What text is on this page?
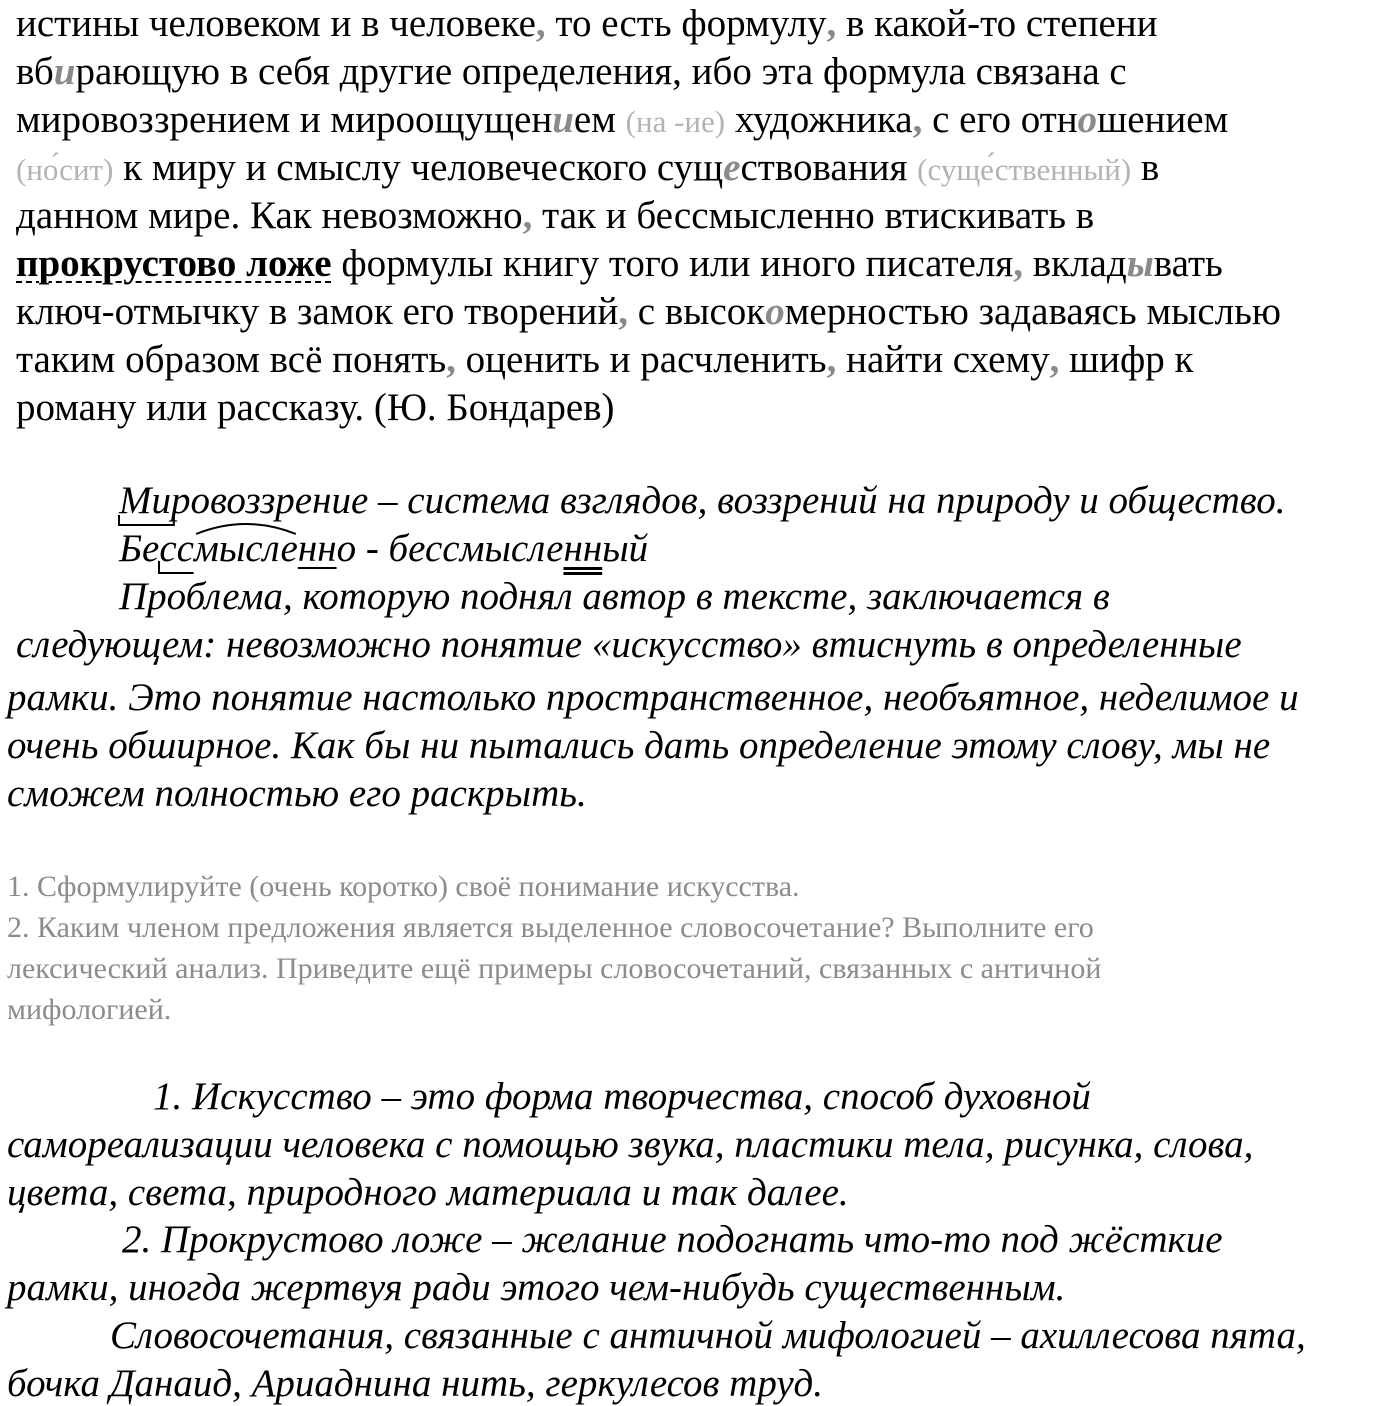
истины человеком и в человеке, то есть формулу, в какой-то степени
вбирающую в себя другие определения, ибо эта формула связана с
мировоззрением и мироощущением (на -ие) художника, с его отношением
(но́сит) к миру и смыслу человеческого существования (суще́ственный) в
данном мире. Как невозможно, так и бессмысленно втискивать в
прокрустово ложе формулы книгу того или иного писателя, вкладывать
ключ-отмычку в замок его творений, с высокомерностью задаваясь мыслью
таким образом всё понять, оценить и расчленить, найти схему, шифр к
роману или рассказу. (Ю. Бондарев)
Мировоззрение
– система взглядов, воззрений на природу и общество.
Бесс
мысле
нно - бессмысленный
Проблема, которую поднял автор в тексте, заключается в
следующем: невозможно понятие «искусство» втиснуть в определенные
рамки. Это понятие настолько пространственное, необъятное, неделимое и
очень обширное. Как бы ни пытались дать определение этому слову, мы не
сможем полностью его раскрыть.
1. Сформулируйте (очень коротко) своё понимание искусства.
2. Каким членом предложения является выделенное словосочетание? Выполните его
лексический анализ. Приведите ещё примеры словосочетаний, связанных с античной
мифологией.
1. Искусство – это форма творчества, способ духовной
самореализации человека с помощью звука, пластики тела, рисунка, слова,
цвета, света, природного материала и так далее.
2. Прокрустово ложе – желание подогнать что-то под жёсткие
рамки, иногда жертвуя ради этого чем-нибудь существенным.
Словосочетания, связанные с античной мифологией – ахиллесова пята,
бочка Данаид, Ариаднина нить, геркулесов труд.
